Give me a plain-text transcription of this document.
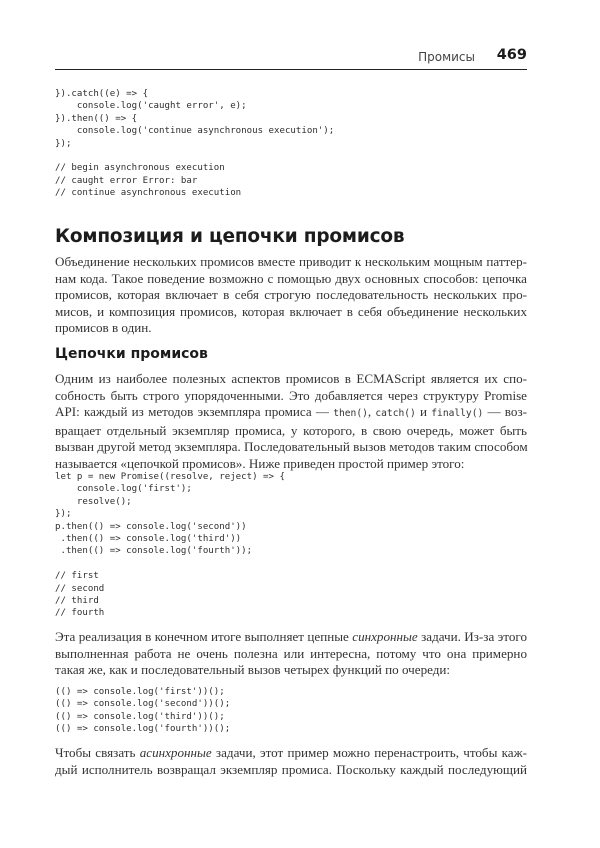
Промисы 469
}).catch((e) => {
console.log('caught error', e);
}).then(() => {
console.log('continue asynchronous execution');
});

// begin asynchronous execution
// caught error Error: bar
// continue asynchronous execution
Композиция и цепочки промисов

Объединение нескольких промисов вместе приводит к нескольким мощным паттер-
нам кода. Такое поведение возможно с помощью двух основных способов: цепочка
промисов, которая включает в себя строгую последовательность нескольких про-
мисов, и композиция промисов, которая включает в себя объединение нескольких
промисов в один.

Цепочки промисов

Одним из наиболее полезных аспектов промисов в ECMAScript является их спо-
собность быть строго упорядоченными. Это добавляется через структуру Promise
API: каждый из методов экземпляра промиса — then(), catch() и finally() — воз-
вращает отдельный экземпляр промиса, у которого, в свою очередь, может быть
вызван другой метод экземпляра. Последовательный вызов методов таким способом
называется «цепочкой промисов». Ниже приведен простой пример этого:

let p = new Promise((resolve, reject) => {
console.log('first');
resolve();
});
p.then(() => console.log('second'))
.then(() => console.log('third'))
.then(() => console.log('fourth'));

// first
// second
// third
// fourth

Эта реализация в конечном итоге выполняет цепные синхронные задачи. Из-за этого
выполненная работа не очень полезна или интересна, потому что она примерно
такая же, как и последовательный вызов четырех функций по очереди:

(() => console.log('first'))();
(() => console.log('second'))();
(() => console.log('third'))();
(() => console.log('fourth'))();

Чтобы связать асинхронные задачи, этот пример можно перенастроить, чтобы каж-
дый исполнитель возвращал экземпляр промиса. Поскольку каждый последующий
